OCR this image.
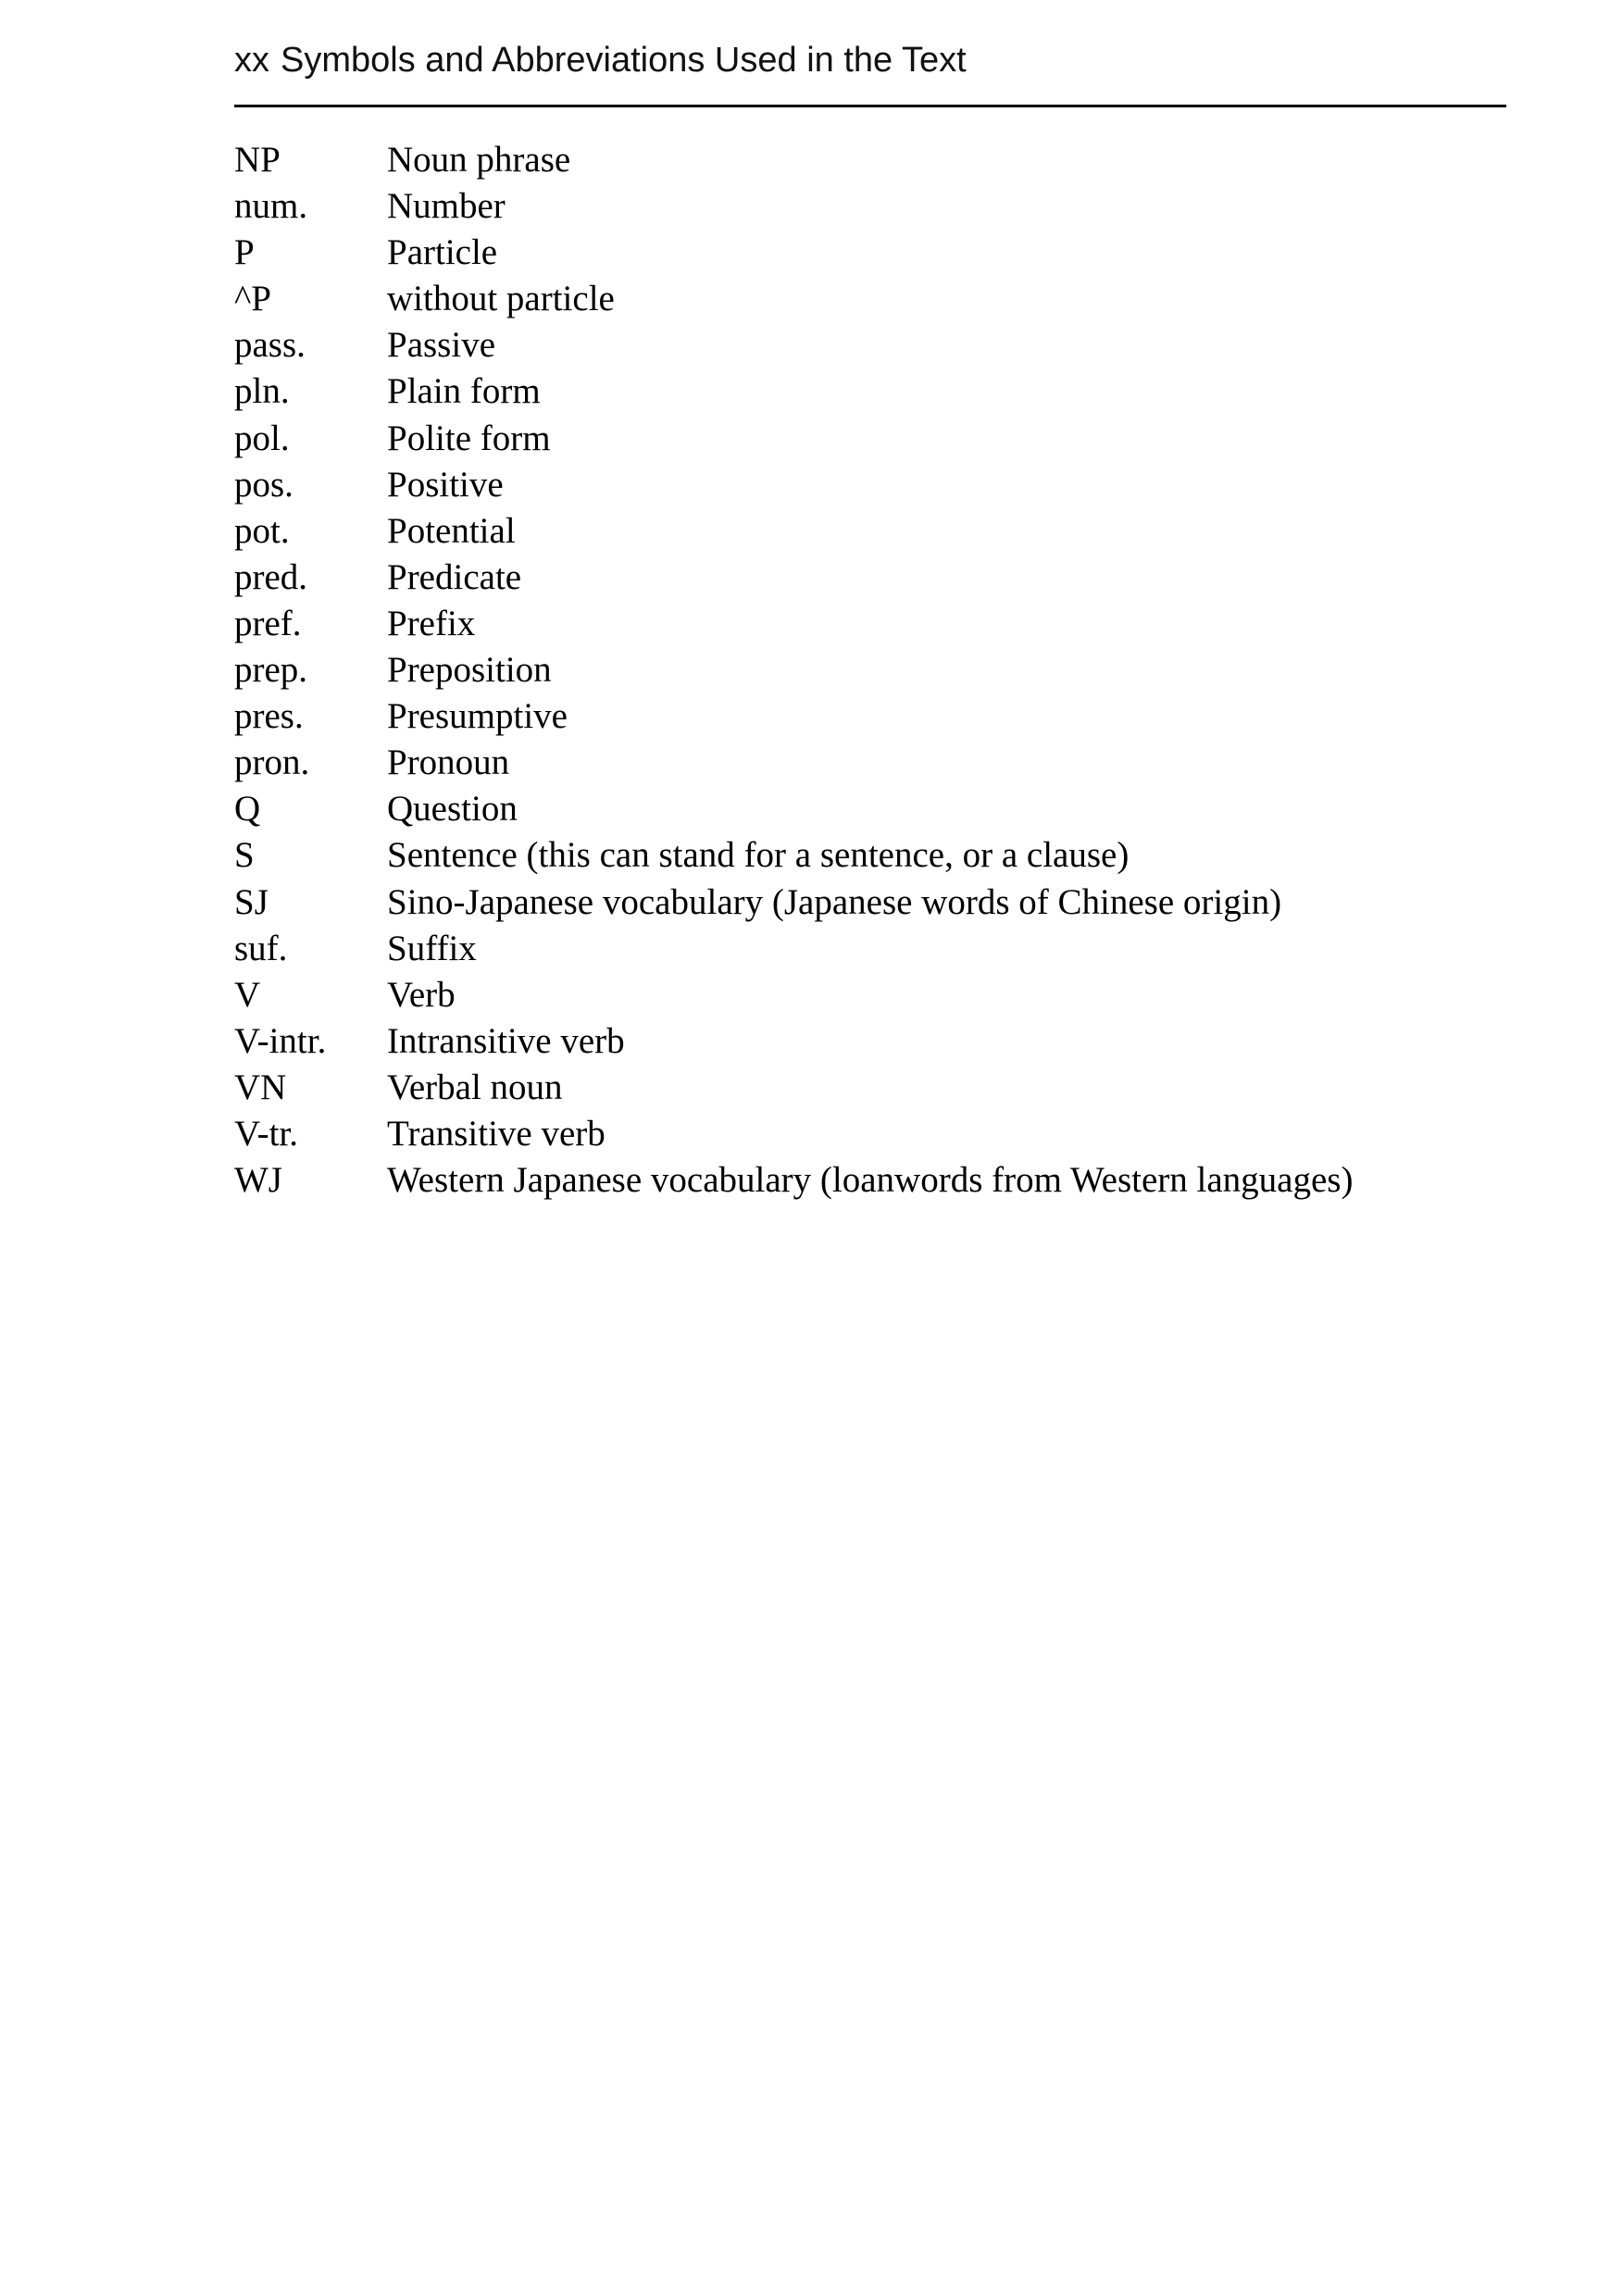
xx Symbols and Abbreviations Used in the Text
NP	Noun phrase
num. Number
P	Particle
^P	without particle
pass. Passive
pln.	Plain form
pol.	Polite form
pos.	Positive
pot.	Potential
pred. Predicate
pref. Prefix
prep. Preposition
pres. Presumptive
pron. Pronoun
Q	Question
S	Sentence (this can stand for a sentence, or a clause)
SJ	Sino-Japanese vocabulary (Japanese words of Chinese origin)
suf.	Suffix
V	Verb
V-intr. Intransitive verb
VN	Verbal noun
V-tr. Transitive verb
WJ	Western Japanese vocabulary (loanwords from Western languages)
